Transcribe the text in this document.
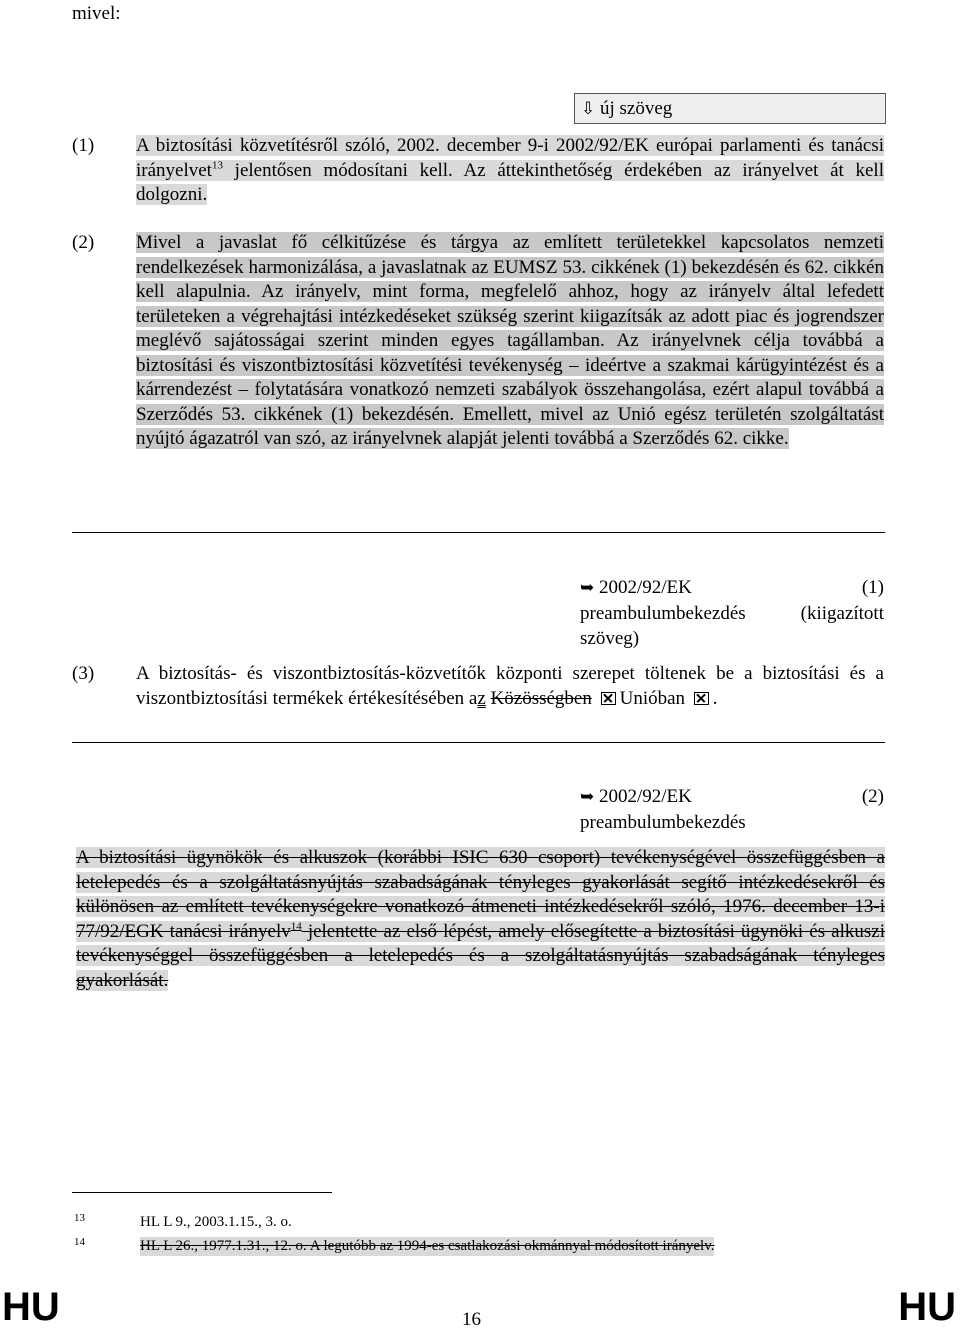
mivel:
⇩ új szöveg
(1)	A biztosítási közvetítésről szóló, 2002. december 9-i 2002/92/EK európai parlamenti és tanácsi irányelvet$^{13}$ jelentősen módosítani kell. Az áttekinthetőség érdekében az irányelvet át kell dolgozni.
(2)	Mivel a javaslat fő célkitűzése és tárgya az említett területekkel kapcsolatos nemzeti rendelkezések harmonizálása, a javaslatnak az EUMSZ 53. cikkének (1) bekezdésén és 62. cikkén kell alapulnia. Az irányelv, mint forma, megfelelő ahhoz, hogy az irányelv által lefedett területeken a végrehajtási intézkedéseket szükség szerint kiigazítsák az adott piac és jogrendszer meglévő sajátosságai szerint minden egyes tagállamban. Az irányelvnek célja továbbá a biztosítási és viszontbiztosítási közvetítési tevékenység – ideértve a szakmai kárügyintézést és a kárrendezést – folytatására vonatkozó nemzeti szabályok összehangolása, ezért alapul továbbá a Szerződés 53. cikkének (1) bekezdésén. Emellett, mivel az Unió egész területén szolgáltatást nyújtó ágazatról van szó, az irányelvnek alapját jelenti továbbá a Szerződés 62. cikke.
➥ 2002/92/EK	(1)
preambulumbekezdés	(kiigazított
szöveg)
(3)	A biztosítás- és viszontbiztosítás-közvetítők központi szerepet töltenek be a biztosítási és a viszontbiztosítási termékek értékesítésében az Közösségben Unióban .
➥ 2002/92/EK	(2)
preambulumbekezdés
A biztosítási ügynökök és alkuszok (korábbi ISIC 630 csoport) tevékenységével összefüggésben a letelepedés és a szolgáltatásnyújtás szabadságának tényleges gyakorlását segítő intézkedésekről és különösen az említett tevékenységekre vonatkozó átmeneti intézkedésekről szóló, 1976. december 13-i 77/92/EGK tanácsi irányelv$^{14}$ jelentette az első lépést, amely elősegítette a biztosítási ügynöki és alkuszi tevékenységgel összefüggésben a letelepedés és a szolgáltatásnyújtás szabadságának tényleges gyakorlását.
13	HL L 9., 2003.1.15., 3. o.
14	HL L 26., 1977.1.31., 12. o. A legutóbb az 1994-es csatlakozási okmánnyal módosított irányelv.
HU	16	HU
